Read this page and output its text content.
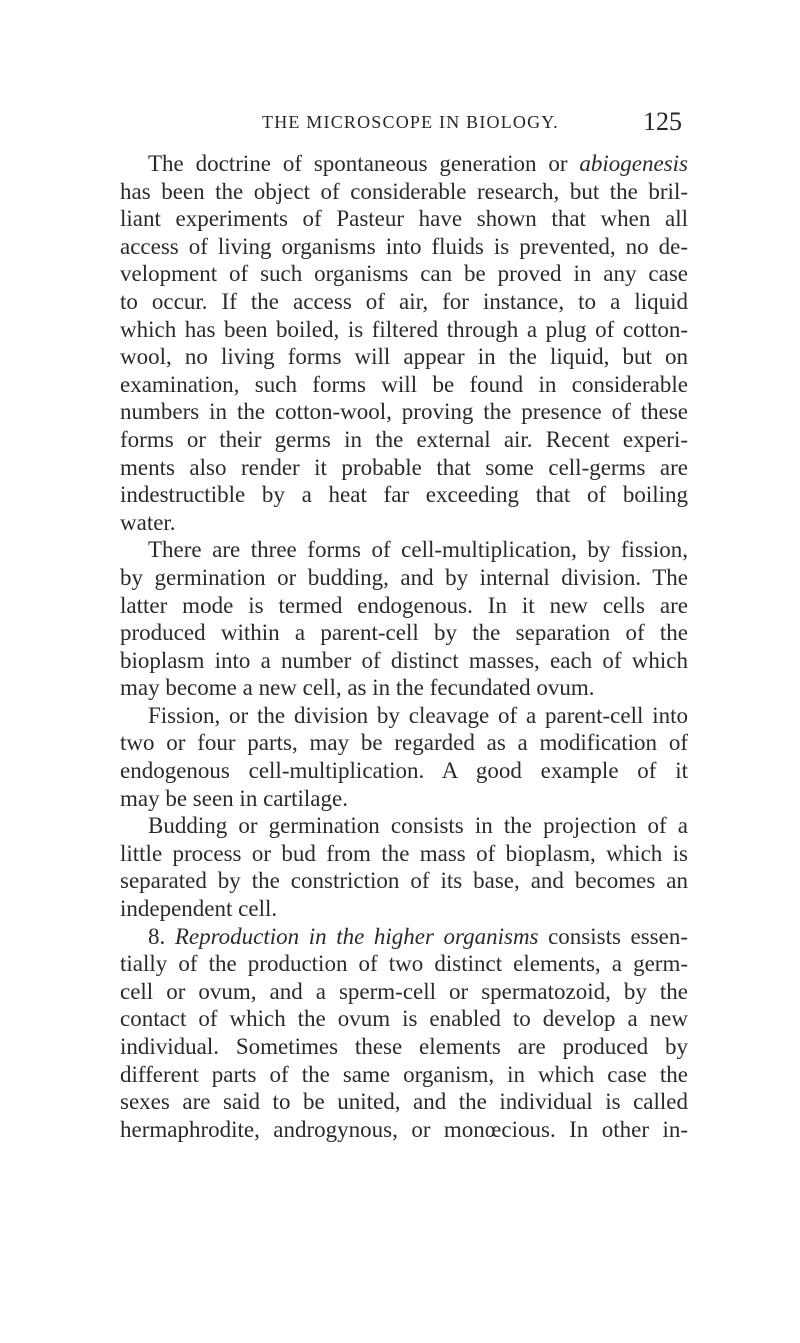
THE MICROSCOPE IN BIOLOGY.	125
The doctrine of spontaneous generation or abiogenesis
has been the object of considerable research, but the bril-
liant experiments of Pasteur have shown that when all
access of living organisms into fluids is prevented, no de-
velopment of such organisms can be proved in any case
to occur. If the access of air, for instance, to a liquid
which has been boiled, is filtered through a plug of cotton-
wool, no living forms will appear in the liquid, but on
examination, such forms will be found in considerable
numbers in the cotton-wool, proving the presence of these
forms or their germs in the external air. Recent experi-
ments also render it probable that some cell-germs are
indestructible by a heat far exceeding that of boiling
water.
There are three forms of cell-multiplication, by fission,
by germination or budding, and by internal division. The
latter mode is termed endogenous. In it new cells are
produced within a parent-cell by the separation of the
bioplasm into a number of distinct masses, each of which
may become a new cell, as in the fecundated ovum.
Fission, or the division by cleavage of a parent-cell into
two or four parts, may be regarded as a modification of
endogenous cell-multiplication. A good example of it
may be seen in cartilage.
Budding or germination consists in the projection of a
little process or bud from the mass of bioplasm, which is
separated by the constriction of its base, and becomes an
independent cell.
8. Reproduction in the higher organisms consists essen-
tially of the production of two distinct elements, a germ-
cell or ovum, and a sperm-cell or spermatozoid, by the
contact of which the ovum is enabled to develop a new
individual. Sometimes these elements are produced by
different parts of the same organism, in which case the
sexes are said to be united, and the individual is called
hermaphrodite, androgynous, or monœcious. In other in-
